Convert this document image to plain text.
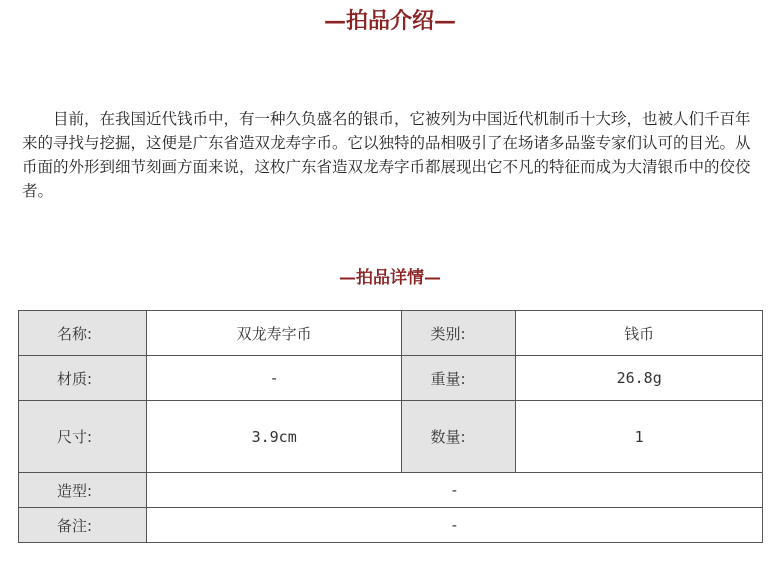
—拍品介绍—

目前，在我国近代钱币中，有一种久负盛名的银币，它被列为中国近代机制币十大珍，也被人们千百年来的寻找与挖掘，这便是广东省造双龙寿字币。它以独特的品相吸引了在场诸多品鉴专家们认可的目光。从币面的外形到细节刻画方面来说，这枚广东省造双龙寿字币都展现出它不凡的特征而成为大清银币中的佼佼者。

—拍品详情—
名称:	双龙寿字币	类别:	钱币
材质:	-	重量:	26.8g
尺寸:	3.9cm	数量:	1
造型:	-		
备注:	-		
